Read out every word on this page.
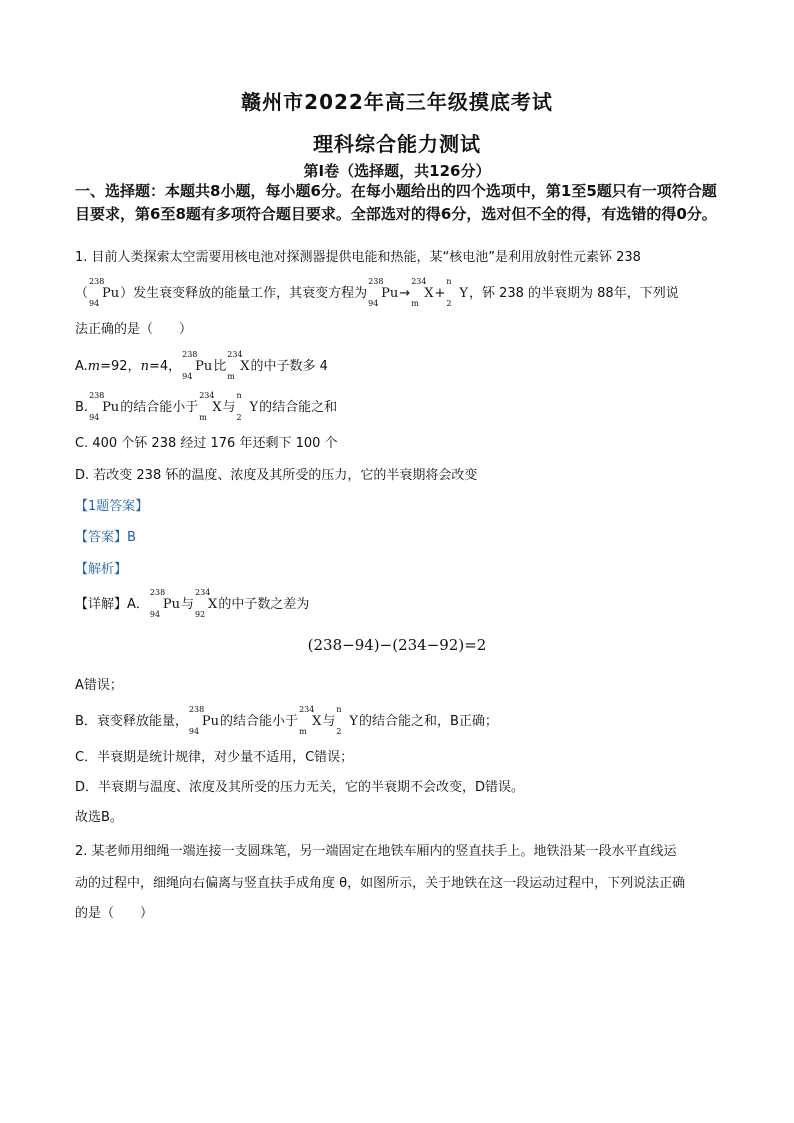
赣州市2022年高三年级摸底考试
理科综合能力测试
第Ⅰ卷（选择题，共126分）
一、选择题：本题共8小题，每小题6分。在每小题给出的四个选项中，第1至5题只有一项符合题目要求，第6至8题有多项符合题目要求。全部选对的得6分，选对但不全的得，有选错的得0分。
1. 目前人类探索太空需要用核电池对探测器提供电能和热能，某“核电池”是利用放射性元素钚 238
（
238
94
Pu）发生衰变释放的能量工作，其衰变方程为
238
94
Pu→
234
m
X+
n
2
Y，钚 238 的半衰期为 88年，下列说
法正确的是（　　）
A.m=92，n=4，
238
94
Pu比
234
m
X的中子数多 4
B.
238
94
Pu的结合能小于
234
m
X与
n
2
Y的结合能之和
C. 400 个钚 238 经过 176 年还剩下 100 个
D. 若改变 238 钚的温度、浓度及其所受的压力，它的半衰期将会改变
【1题答案】
【答案】B
【解析】
【详解】A．
238
94
Pu与
234
92
X的中子数之差为
(238−94)−(234−92)=2
A错误；
B．衰变释放能量，
238
94
Pu的结合能小于
234
m
X与
n
2
Y的结合能之和，B正确；
C．半衰期是统计规律，对少量不适用，C错误；
D．半衰期与温度、浓度及其所受的压力无关，它的半衰期不会改变，D错误。
故选B。
2. 某老师用细绳一端连接一支圆珠笔，另一端固定在地铁车厢内的竖直扶手上。地铁沿某一段水平直线运
动的过程中，细绳向右偏离与竖直扶手成角度 θ，如图所示，关于地铁在这一段运动过程中，下列说法正确
的是（　　）
